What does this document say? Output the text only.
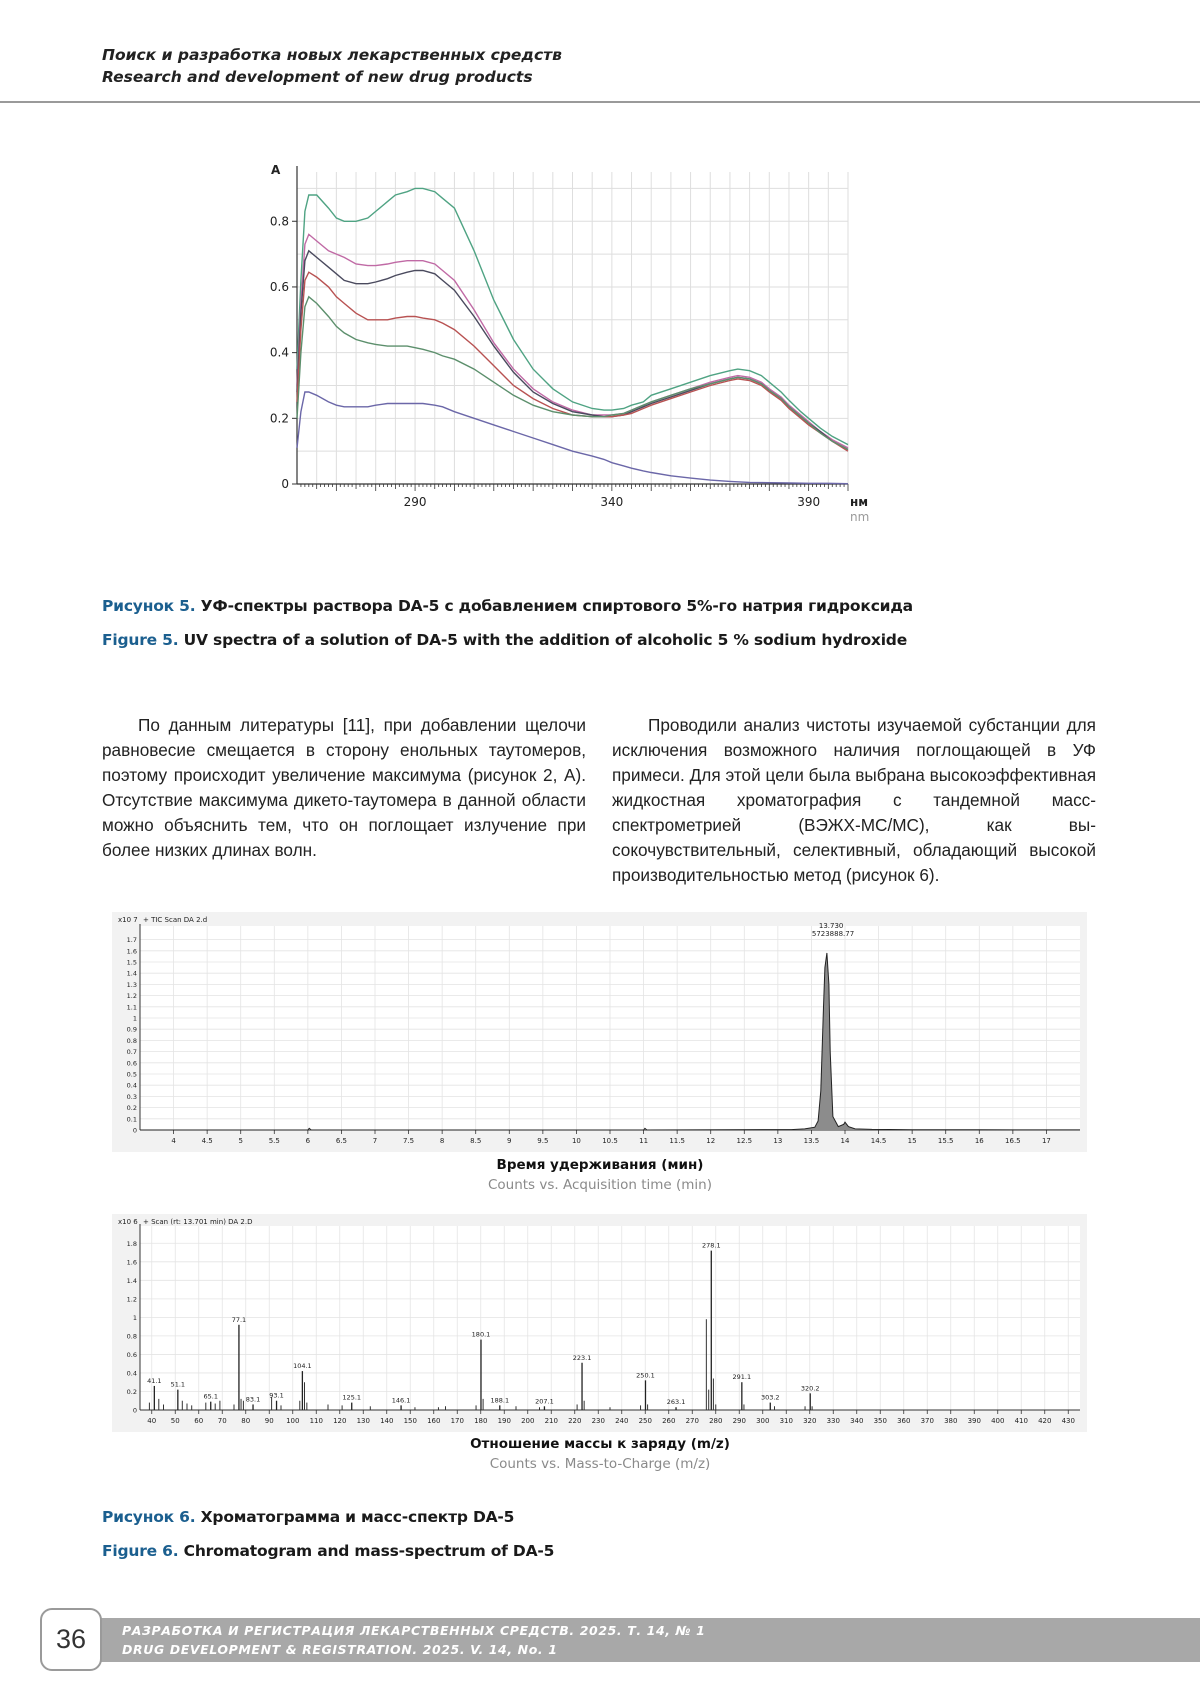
Поиск и разработка новых лекарственных средств
Research and development of new drug products
0
0.2
0.4
0.6
0.8
290	340	390
A
нм
nm
Рисунок 5. УФ-спектры раствора DA-5 с добавлением спиртового 5%-го натрия гидроксида
Figure 5. UV spectra of a solution of DA-5 with the addition of alcoholic 5 % sodium hydroxide

По данным литературы [11], при добавлении щелочи равновесие смещается в сторону енольных таутомеров, поэтому происходит увеличение максимума (рисунок 2, А). Отсутствие максимума дикето-таутомера в данной области можно объяснить тем, что он поглощает излучение при более низких длинах волн.

Проводили анализ чистоты изучаемой субстанции для исключения возможного наличия поглощающей в УФ примеси. Для этой цели была выбрана высокоэффективная жидкостная хроматография с тандемной масс-спектрометрией (ВЭЖХ-МС/МС), как высокочувствительный, селективный, обладающий высокой производительностью метод (рисунок 6).

4	4.5	5	5.5	6	6.5	7	7.5	8	8.5	9	9.5	10	10.5	11	11.5	12	12.5	13	13.5	14	14.5	15	15.5	16	16.5	17
0
0.1
0.2
0.3
0.4
0.5
0.6
0.7
0.8
0.9
1
1.1
1.2
1.3
1.4
1.5
1.6
1.7
x10 7 + TIC Scan DA 2.d
13.730
5723888.77
Время удерживания (мин)
Counts vs. Acquisition time (min)
40 50 60 70 80 90 100 110 120 130 140 150 160 170 180 190 200 210 220 230 240 250 260 270 280 290 300 310 320 330 340 350 360 370 380 390 400 410 420 430
0
0.2
0.4
0.6
0.8
1
1.2
1.4
1.6
1.8
x10 6 + Scan (rt: 13.701 min) DA 2.D
41.1 51.1
65.1
77.1
83.1 93.1
104.1
125.1	146.1
180.1
188.1	207.1
223.1
250.1
263.1
278.1
291.1
303.2
320.2
Отношение массы к заряду (m/z)
Counts vs. Mass-to-Charge (m/z)
Рисунок 6. Хроматограмма и масс-спектр DA-5
Figure 6. Chromatogram and mass-spectrum of DA-5
РАЗРАБОТКА И РЕГИСТРАЦИЯ ЛЕКАРСТВЕННЫХ СРЕДСТВ. 2025. Т. 14, № 1
DRUG DEVELOPMENT & REGISTRATION. 2025. V. 14, No. 1
36
